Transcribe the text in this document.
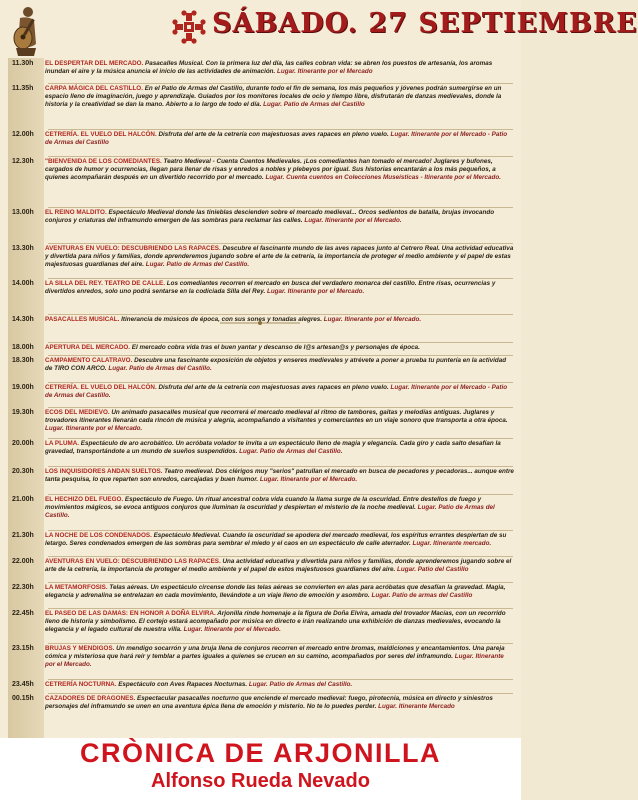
SÁBADO. 27 SEPTIEMBRE
11.30h	EL DESPERTAR DEL MERCADO. Pasacalles Musical. Con la primera luz del día, las calles cobran vida: se abren los puestos de artesanía, los aromas inundan el aire y la música anuncia el inicio de las actividades de animación. Lugar. Itinerante por el Mercado
11.35h	CARPA MÁGICA DEL CASTILLO. En el Patio de Armas del Castillo, durante todo el fin de semana, los más pequeños y jóvenes podrán sumergirse en un espacio lleno de imaginación, juego y aprendizaje. Guiados por los monitores locales de ocio y tiempo libre, disfrutarán de danzas medievales, donde la historia y la creatividad se dan la mano. Abierto a lo largo de todo el día. Lugar. Patio de Armas del Castillo
12.00h	CETRERÍA. EL VUELO DEL HALCÓN. Disfruta del arte de la cetrería con majestuosas aves rapaces en pleno vuelo. Lugar. Itinerante por el Mercado - Patio de Armas del Castillo
12.30h	"BIENVENIDA DE LOS COMEDIANTES. Teatro Medieval - Cuenta Cuentos Medievales. ¡Los comediantes han tomado el mercado! Juglares y bufones, cargados de humor y ocurrencias, llegan para llenar de risas y enredos a nobles y plebeyos por igual. Sus historias encantarán a los más pequeños, a quienes acompañarán después en un divertido recorrido por el mercado. Lugar. Cuenta cuentos en Colecciones Museísticas - Itinerante por el Mercado.
13.00h	EL REINO MALDITO. Espectáculo Medieval donde las tinieblas descienden sobre el mercado medieval... Orcos sedientos de batalla, brujas invocando conjuros y criaturas del inframundo emergen de las sombras para reclamar las calles. Lugar. Itinerante por el Mercado.
13.30h	AVENTURAS EN VUELO: DESCUBRIENDO LAS RAPACES. Descubre el fascinante mundo de las aves rapaces junto al Cetrero Real. Una actividad educativa y divertida para niños y familias, donde aprenderemos jugando sobre el arte de la cetrería, la importancia de proteger el medio ambiente y el papel de estas majestuosas guardianas del aire. Lugar. Patio de Armas del Castillo.
14.00h	LA SILLA DEL REY. TEATRO DE CALLE. Los comediantes recorren el mercado en busca del verdadero monarca del castillo. Entre risas, ocurrencias y divertidos enredos, solo uno podrá sentarse en la codiciada Silla del Rey. Lugar. Itinerante por el Mercado.
14.30h	PASACALLES MUSICAL. Itinerancia de músicos de época, con sus sones y tonadas alegres. Lugar. Itinerante por el Mercado.
18.00h	APERTURA DEL MERCADO. El mercado cobra vida tras el buen yantar y descanso de l@s artesan@s y personajes de época.
18.30h	CAMPAMENTO CALATRAVO. Descubre una fascinante exposición de objetos y enseres medievales y atrévete a poner a prueba tu puntería en la actividad de TIRO CON ARCO. Lugar. Patio de Armas del Castillo.
19.00h	CETRERÍA. EL VUELO DEL HALCÓN. Disfruta del arte de la cetrería con majestuosas aves rapaces en pleno vuelo. Lugar. Itinerante por el Mercado - Patio de Armas del Castillo.
19.30h	ECOS DEL MEDIEVO. Un animado pasacalles musical que recorrerá el mercado medieval al ritmo de tambores, gaitas y melodías antiguas. Juglares y trovadores itinerantes llenarán cada rincón de música y alegría, acompañando a visitantes y comerciantes en un viaje sonoro que transporta a otra época. Lugar. Itinerante por el Mercado.
20.00h	LA PLUMA. Espectáculo de aro acrobático. Un acróbata volador te invita a un espectáculo lleno de magia y elegancia. Cada giro y cada salto desafían la gravedad, transportándote a un mundo de sueños suspendidos. Lugar. Patio de Armas del Castillo.
20.30h	LOS INQUISIDORES ANDAN SUELTOS. Teatro medieval. Dos clérigos muy "serios" patrullan el mercado en busca de pecadores y pecadoras... aunque entre tanta pesquisa, lo que reparten son enredos, carcajadas y buen humor. Lugar. Itinerante por el Mercado.
21.00h	EL HECHIZO DEL FUEGO. Espectáculo de Fuego. Un ritual ancestral cobra vida cuando la llama surge de la oscuridad. Entre destellos de fuego y movimientos mágicos, se evoca antiguos conjuros que iluminan la oscuridad y despiertan el misterio de la noche medieval. Lugar. Patio de Armas del Castillo.
21.30h	LA NOCHE DE LOS CONDENADOS. Espectáculo Medieval. Cuando la oscuridad se apodera del mercado medieval, los espíritus errantes despiertan de su letargo. Seres condenados emergen de las sombras para sembrar el miedo y el caos en un espectáculo de calle aterrador. Lugar. Itinerante mercado.
22.00h	AVENTURAS EN VUELO: DESCUBRIENDO LAS RAPACES. Una actividad educativa y divertida para niños y familias, donde aprenderemos jugando sobre el arte de la cetrería, la importancia de proteger el medio ambiente y el papel de estos majestuosos guardianes del aire. Lugar. Patio del Castillo
22.30h	LA METAMORFOSIS. Telas aéreas. Un espectáculo circense donde las telas aéreas se convierten en alas para acróbatas que desafían la gravedad. Magia, elegancia y adrenalina se entrelazan en cada movimiento, llevándote a un viaje lleno de emoción y asombro. Lugar. Patio de armas del Castillo
22.45h	EL PASEO DE LAS DAMAS: EN HONOR A DOÑA ELVIRA. Arjonilla rinde homenaje a la figura de Doña Elvira, amada del trovador Macías, con un recorrido lleno de historia y simbolismo. El cortejo estará acompañado por música en directo e irán realizando una exhibición de danzas medievales, evocando la elegancia y el legado cultural de nuestra villa. Lugar. Itinerante por el Mercado.
23.15h	BRUJAS Y MENDIGOS. Un mendigo socarrón y una bruja llena de conjuros recorren el mercado entre bromas, maldiciones y encantamientos. Una pareja cómica y misteriosa que hará reír y temblar a partes iguales a quienes se crucen en su camino, acompañados por seres del inframundo. Lugar. Itinerante por el Mercado.
23.45h	CETRERÍA NOCTURNA. Espectáculo con Aves Rapaces Nocturnas. Lugar. Patio de Armas del Castillo.
00.15h	CAZADORES DE DRAGONES. Espectacular pasacalles nocturno que enciende el mercado medieval: fuego, pirotecnia, música en directo y siniestros personajes del inframundo se unen en una aventura épica llena de emoción y misterio. No te lo puedes perder. Lugar. Itinerante Mercado
CRÒNICA DE ARJONILLA
Alfonso Rueda Nevado
